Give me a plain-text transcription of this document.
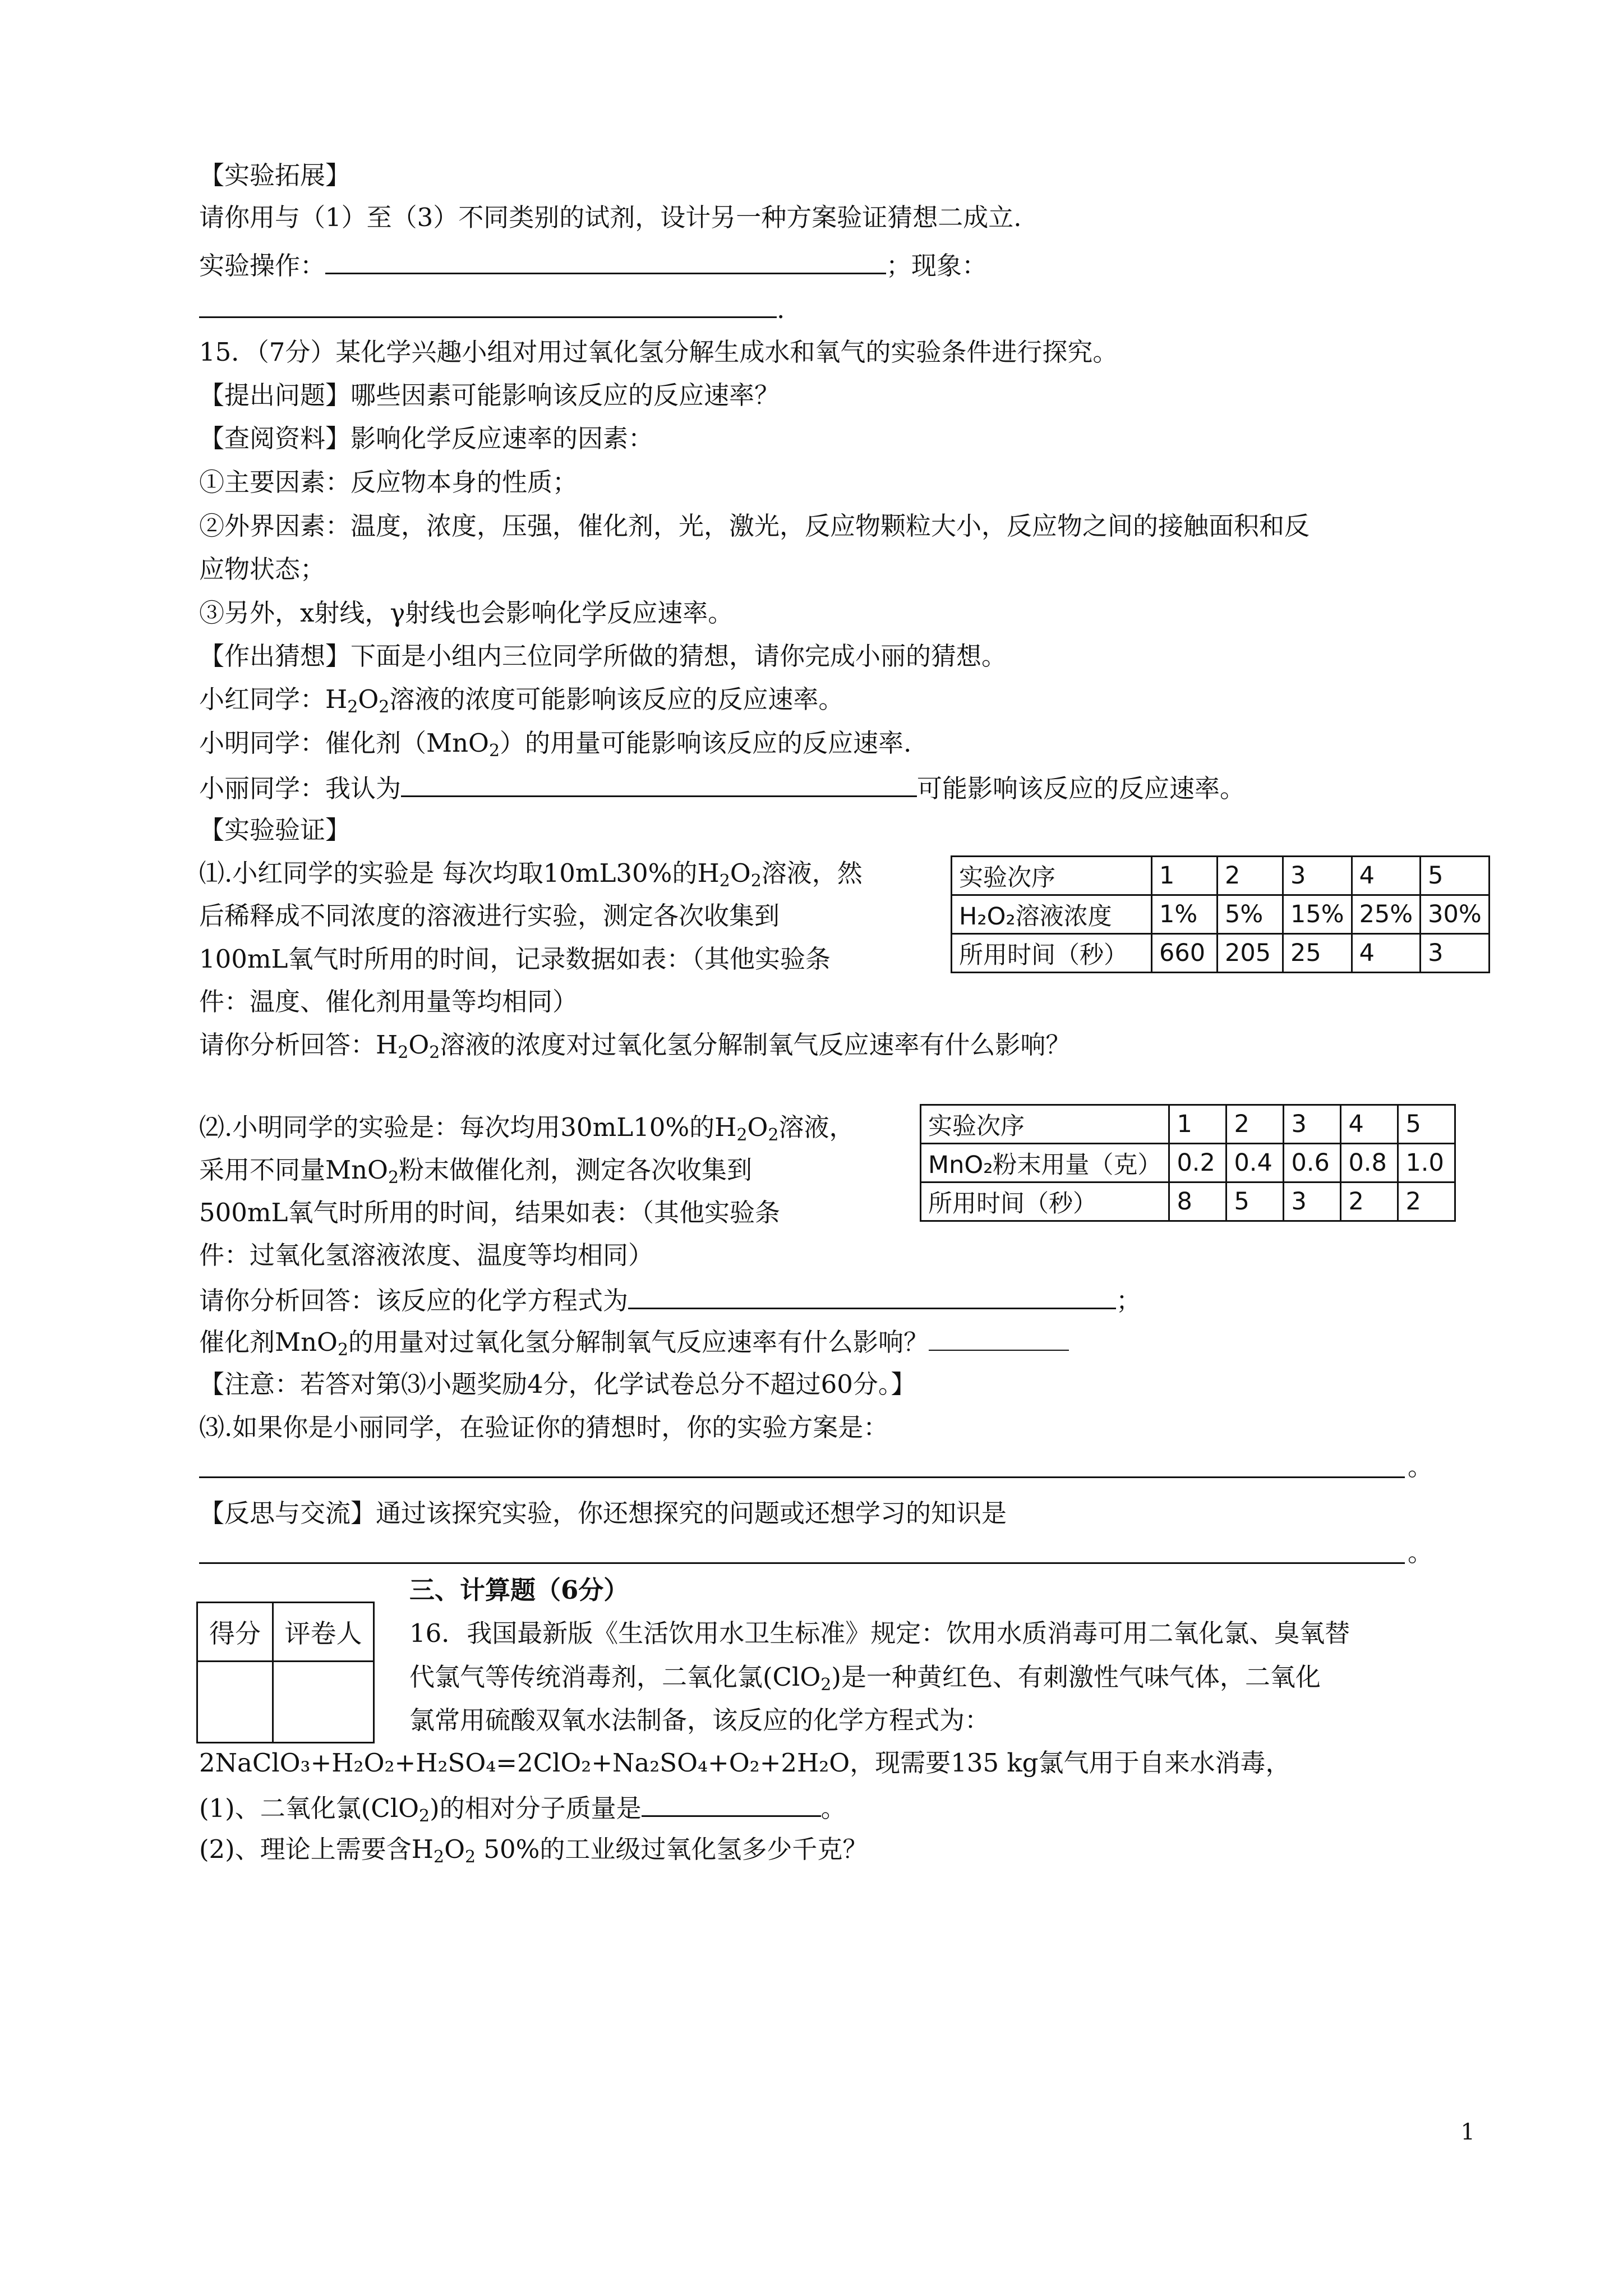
【实验拓展】
请你用与（1）至（3）不同类别的试剂，设计另一种方案验证猜想二成立.
实验操作：	；现象：
.
15．（7分）某化学兴趣小组对用过氧化氢分解生成水和氧气的实验条件进行探究。
【提出问题】哪些因素可能影响该反应的反应速率？
【查阅资料】影响化学反应速率的因素：
①主要因素：反应物本身的性质；
②外界因素：温度，浓度，压强，催化剂，光，激光，反应物颗粒大小，反应物之间的接触面积和反
应物状态；
③另外，x射线，γ射线也会影响化学反应速率。
【作出猜想】下面是小组内三位同学所做的猜想，请你完成小丽的猜想。
小红同学：$H_2O_2$溶液的浓度可能影响该反应的反应速率。
小明同学：催化剂（MnO$_2$）的用量可能影响该反应的反应速率.
小丽同学：我认为	可能影响该反应的反应速率。
【实验验证】
⑴.小红同学的实验是 每次均取10mL30%的$H_2O_2$溶液，然
后稀释成不同浓度的溶液进行实验，测定各次收集到
100mL氧气时所用的时间，记录数据如表：（其他实验条
件：温度、催化剂用量等均相同）
请你分析回答：$H_2O_2$溶液的浓度对过氧化氢分解制氧气反应速率有什么影响？
实验次序	1	2	3	4	5
H₂O₂溶液浓度	1%	5%	15%	25%	30%
所用时间（秒）	660	205	25	4	3
⑵.小明同学的实验是：每次均用30mL10%的$H_2O_2$溶液，
采用不同量MnO$_2$粉末做催化剂，测定各次收集到
500mL氧气时所用的时间，结果如表：（其他实验条
件：过氧化氢溶液浓度、温度等均相同）
请你分析回答：该反应的化学方程式为	；
催化剂MnO$_2$的用量对过氧化氢分解制氧气反应速率有什么影响？
实验次序	1	2	3	4	5
MnO₂粉末用量（克）	0.2	0.4	0.6	0.8	1.0
所用时间（秒）	8	5	3	2	2
【注意：若答对第⑶小题奖励4分，化学试卷总分不超过60分。】
⑶.如果你是小丽同学，在验证你的猜想时，你的实验方案是：
。
【反思与交流】通过该探究实验，你还想探究的问题或还想学习的知识是
。
得分	评卷人

三、计算题（6分）
16．我国最新版《生活饮用水卫生标准》规定：饮用水质消毒可用二氧化氯、臭氧替
代氯气等传统消毒剂，二氧化氯(ClO$_2$)是一种黄红色、有刺激性气味气体，二氧化
氯常用硫酸双氧水法制备，该反应的化学方程式为：
2NaClO₃+H₂O₂+H₂SO₄=2ClO₂+Na₂SO₄+O₂+2H₂O，现需要135 kg氯气用于自来水消毒，
(1)、二氧化氯(ClO$_2$)的相对分子质量是	。
(2)、理论上需要含$H_2O_2$ 50%的工业级过氧化氢多少千克？
1
